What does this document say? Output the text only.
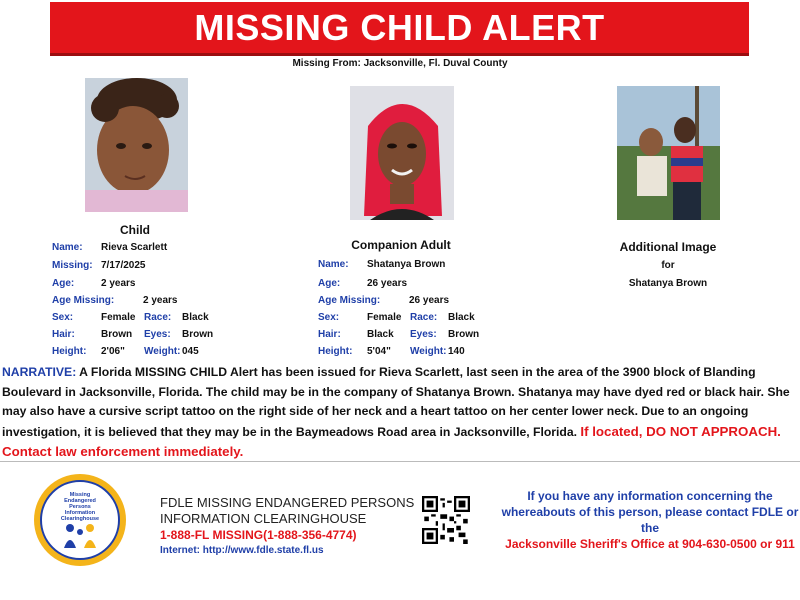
MISSING CHILD ALERT
Missing From: Jacksonville, Fl. Duval County
Child
Name: Rieva Scarlett
Missing: 7/17/2025
Age:	2 years
Age Missing:	2 years
Sex:	Female Race: Black
Hair:	Brown Eyes: Brown
Height: 2'06" Weight: 045
Companion Adult
Name: Shatanya Brown
Age:	26 years
Age Missing:	26 years
Sex:	Female Race: Black
Hair:	Black Eyes: Brown
Height: 5'04" Weight: 140
Additional Image
for
Shatanya Brown
NARRATIVE: A Florida MISSING CHILD Alert has been issued for Rieva Scarlett, last seen in the area of the 3900 block of Blanding Boulevard in Jacksonville, Florida. The child may be in the company of Shatanya Brown. Shatanya may have dyed red or black hair. She may also have a cursive script tattoo on the right side of her neck and a heart tattoo on her center lower neck. Due to an ongoing investigation, it is believed that they may be in the Baymeadows Road area in Jacksonville, Florida. If located, DO NOT APPROACH. Contact law enforcement immediately.
Missing
Endangered
Persons
Information
Clearinghouse
FDLE MISSING ENDANGERED PERSONS
INFORMATION CLEARINGHOUSE
1-888-FL MISSING(1-888-356-4774)
Internet: http://www.fdle.state.fl.us
If you have any information concerning the
whereabouts of this person, please contact FDLE or the
Jacksonville Sheriff's Office at 904-630-0500 or 911
